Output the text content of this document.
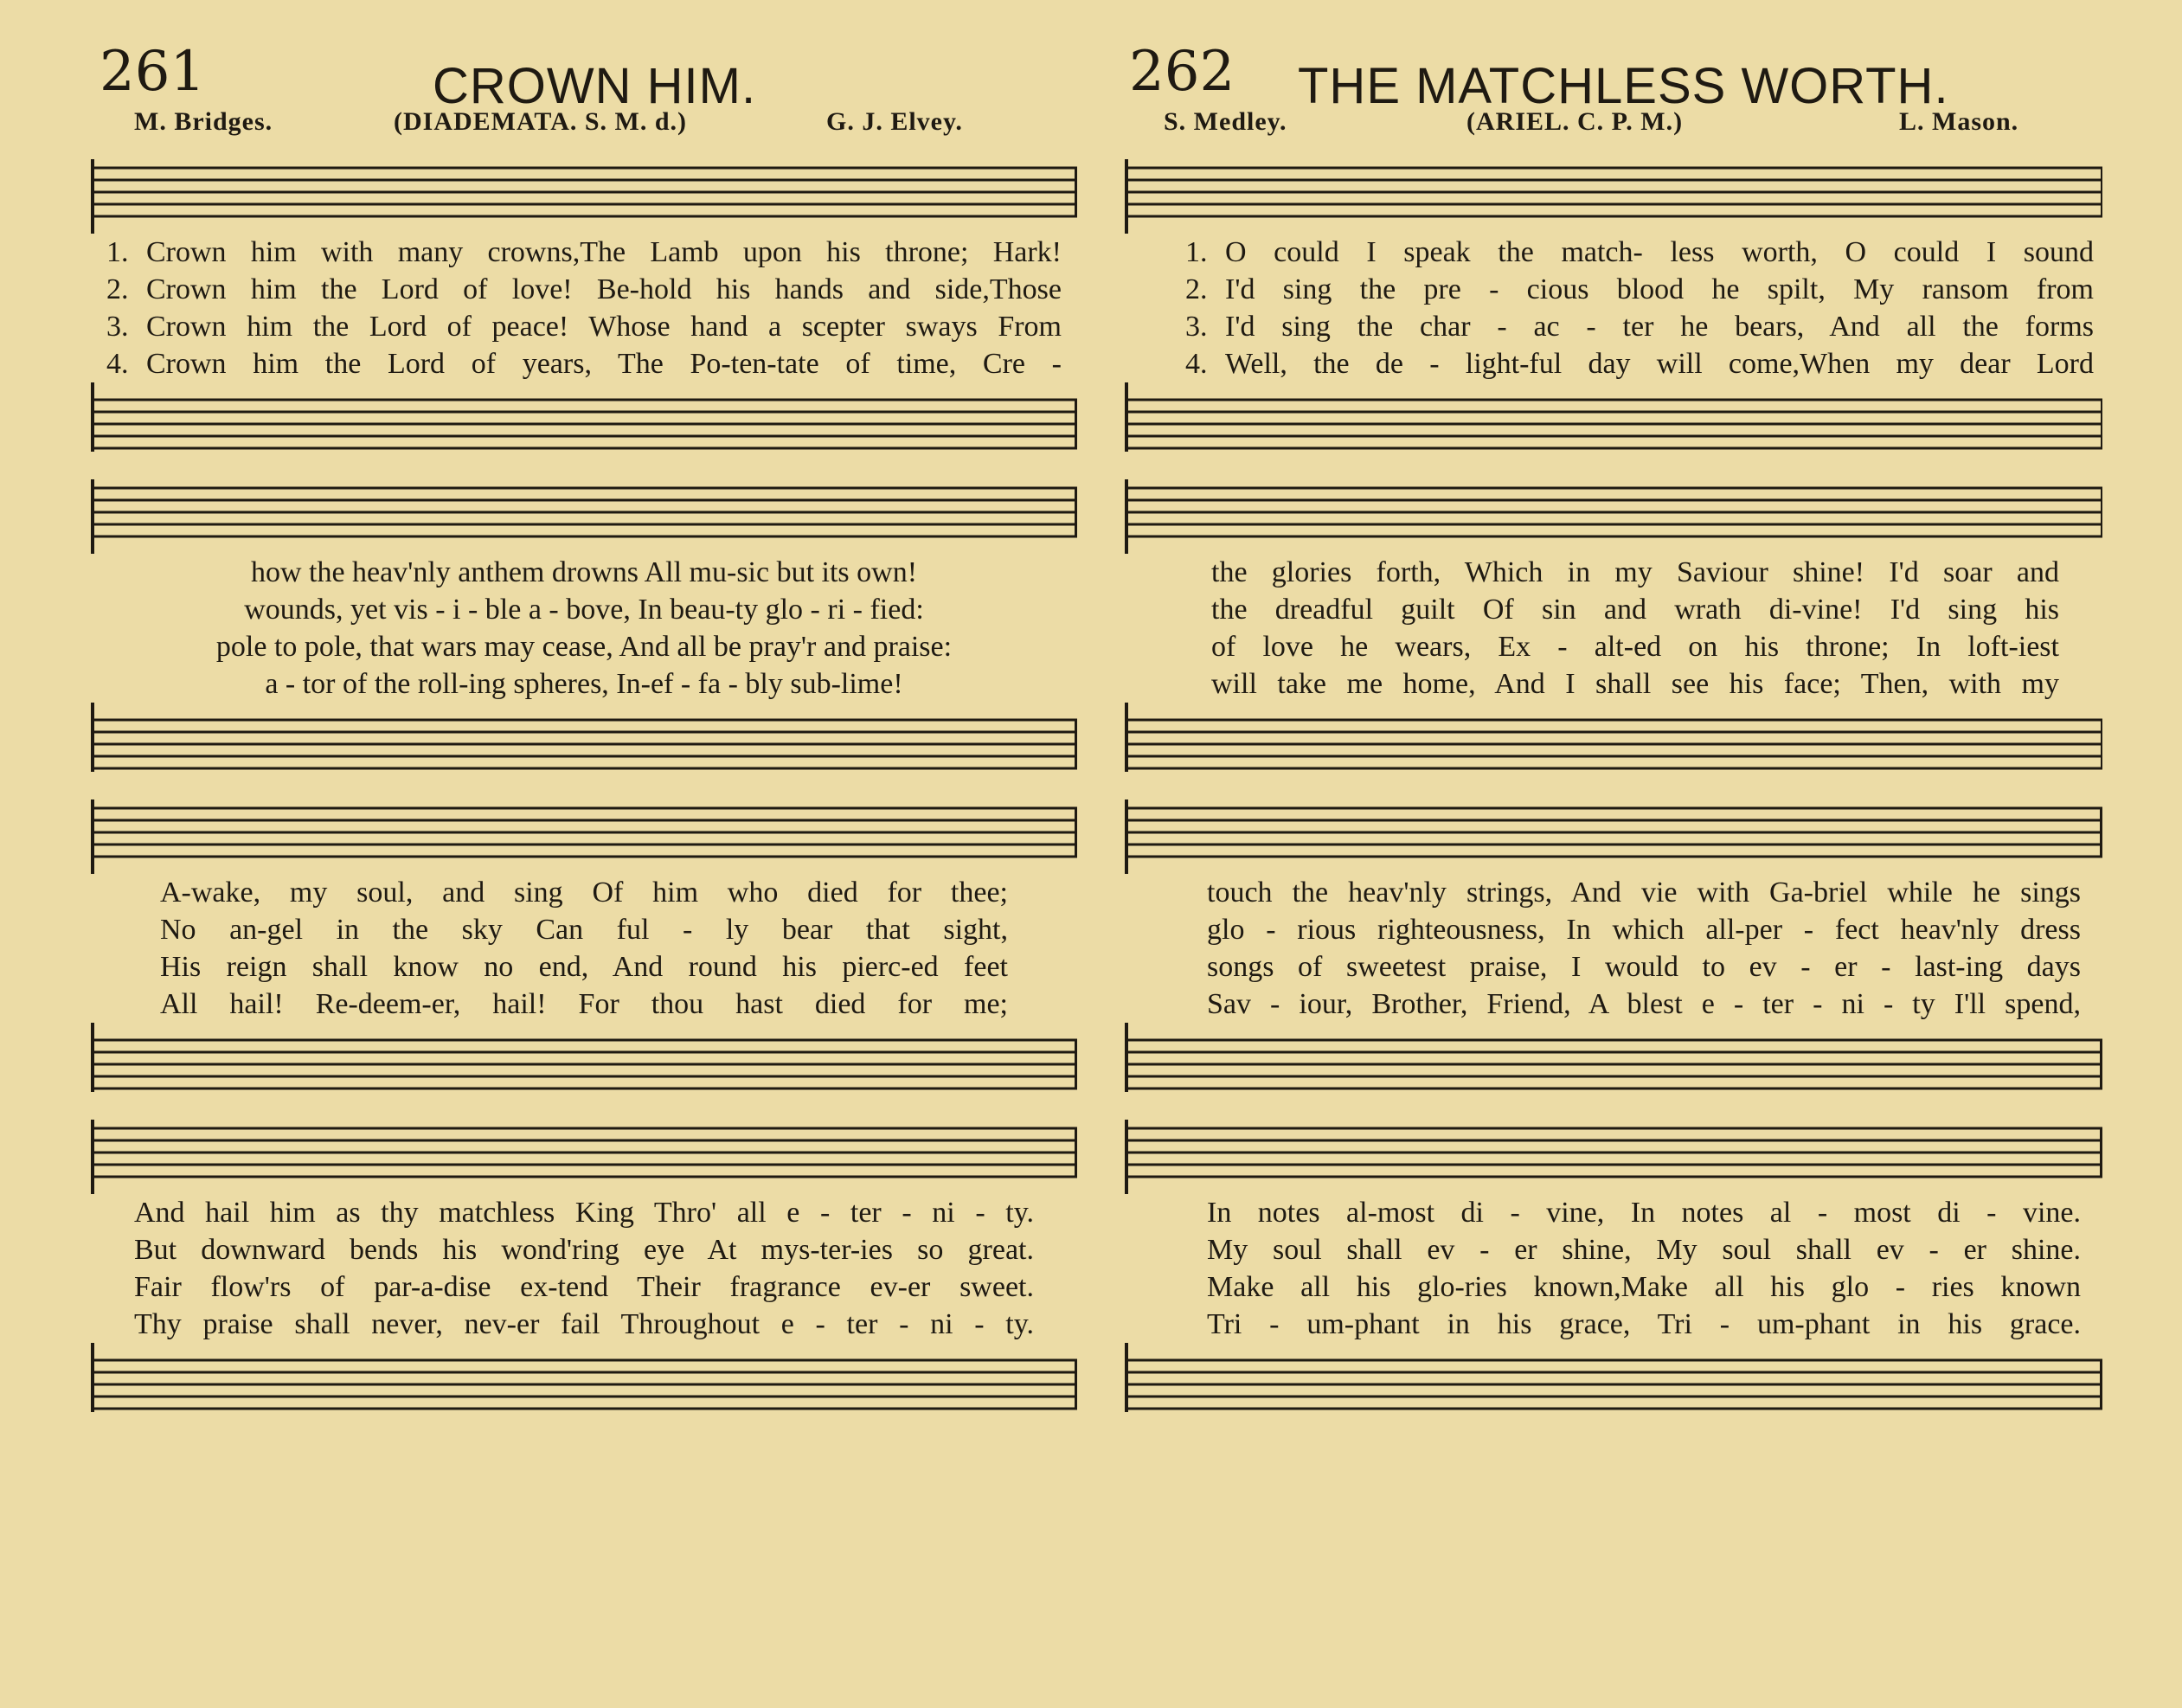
261	CROWN HIM.
M. Bridges.	(DIADEMATA. S. M. d.)	G. J. Elvey.
1. Crown him with many crowns,The Lamb upon his throne; Hark!
2. Crown him the Lord of love! Be-hold his hands and side,Those
3. Crown him the Lord of peace! Whose hand a scepter sways From
4. Crown him the Lord of years, The Po-ten-tate of time, Cre -
how the heav'nly anthem drowns All mu-sic but its own!
wounds, yet vis - i - ble a - bove, In beau-ty glo - ri - fied:
pole to pole, that wars may cease, And all be pray'r and praise:
a - tor of the roll-ing spheres, In-ef - fa - bly sub-lime!
A-wake, my soul, and sing Of him who died for thee;
No an-gel in the sky Can ful - ly bear that sight,
His reign shall know no end, And round his pierc-ed feet
All hail! Re-deem-er, hail! For thou hast died for me;
And hail him as thy matchless King Thro' all e - ter - ni - ty.
But downward bends his wond'ring eye At mys-ter-ies so great.
Fair flow'rs of par-a-dise ex-tend Their fragrance ev-er sweet.
Thy praise shall never, nev-er fail Throughout e - ter - ni - ty.
262 THE MATCHLESS WORTH.
S. Medley.	(ARIEL. C. P. M.)	L. Mason.
1. O could I speak the match- less worth, O could I sound
2. I'd sing the pre - cious blood he spilt, My ransom from
3. I'd sing the char - ac - ter he bears, And all the forms
4. Well, the de - light-ful day will come,When my dear Lord
the glories forth, Which in my Saviour shine! I'd soar and
the dreadful guilt Of sin and wrath di-vine! I'd sing his
of love he wears, Ex - alt-ed on his throne; In loft-iest
will take me home, And I shall see his face; Then, with my
touch the heav'nly strings, And vie with Ga-briel while he sings
glo - rious righteousness, In which all-per - fect heav'nly dress
songs of sweetest praise, I would to ev - er - last-ing days
Sav - iour, Brother, Friend, A blest e - ter - ni - ty I'll spend,
In notes al-most di - vine, In notes al - most di - vine.
My soul shall ev - er shine, My soul shall ev - er shine.
Make all his glo-ries known,Make all his glo - ries known
Tri - um-phant in his grace, Tri - um-phant in his grace.
